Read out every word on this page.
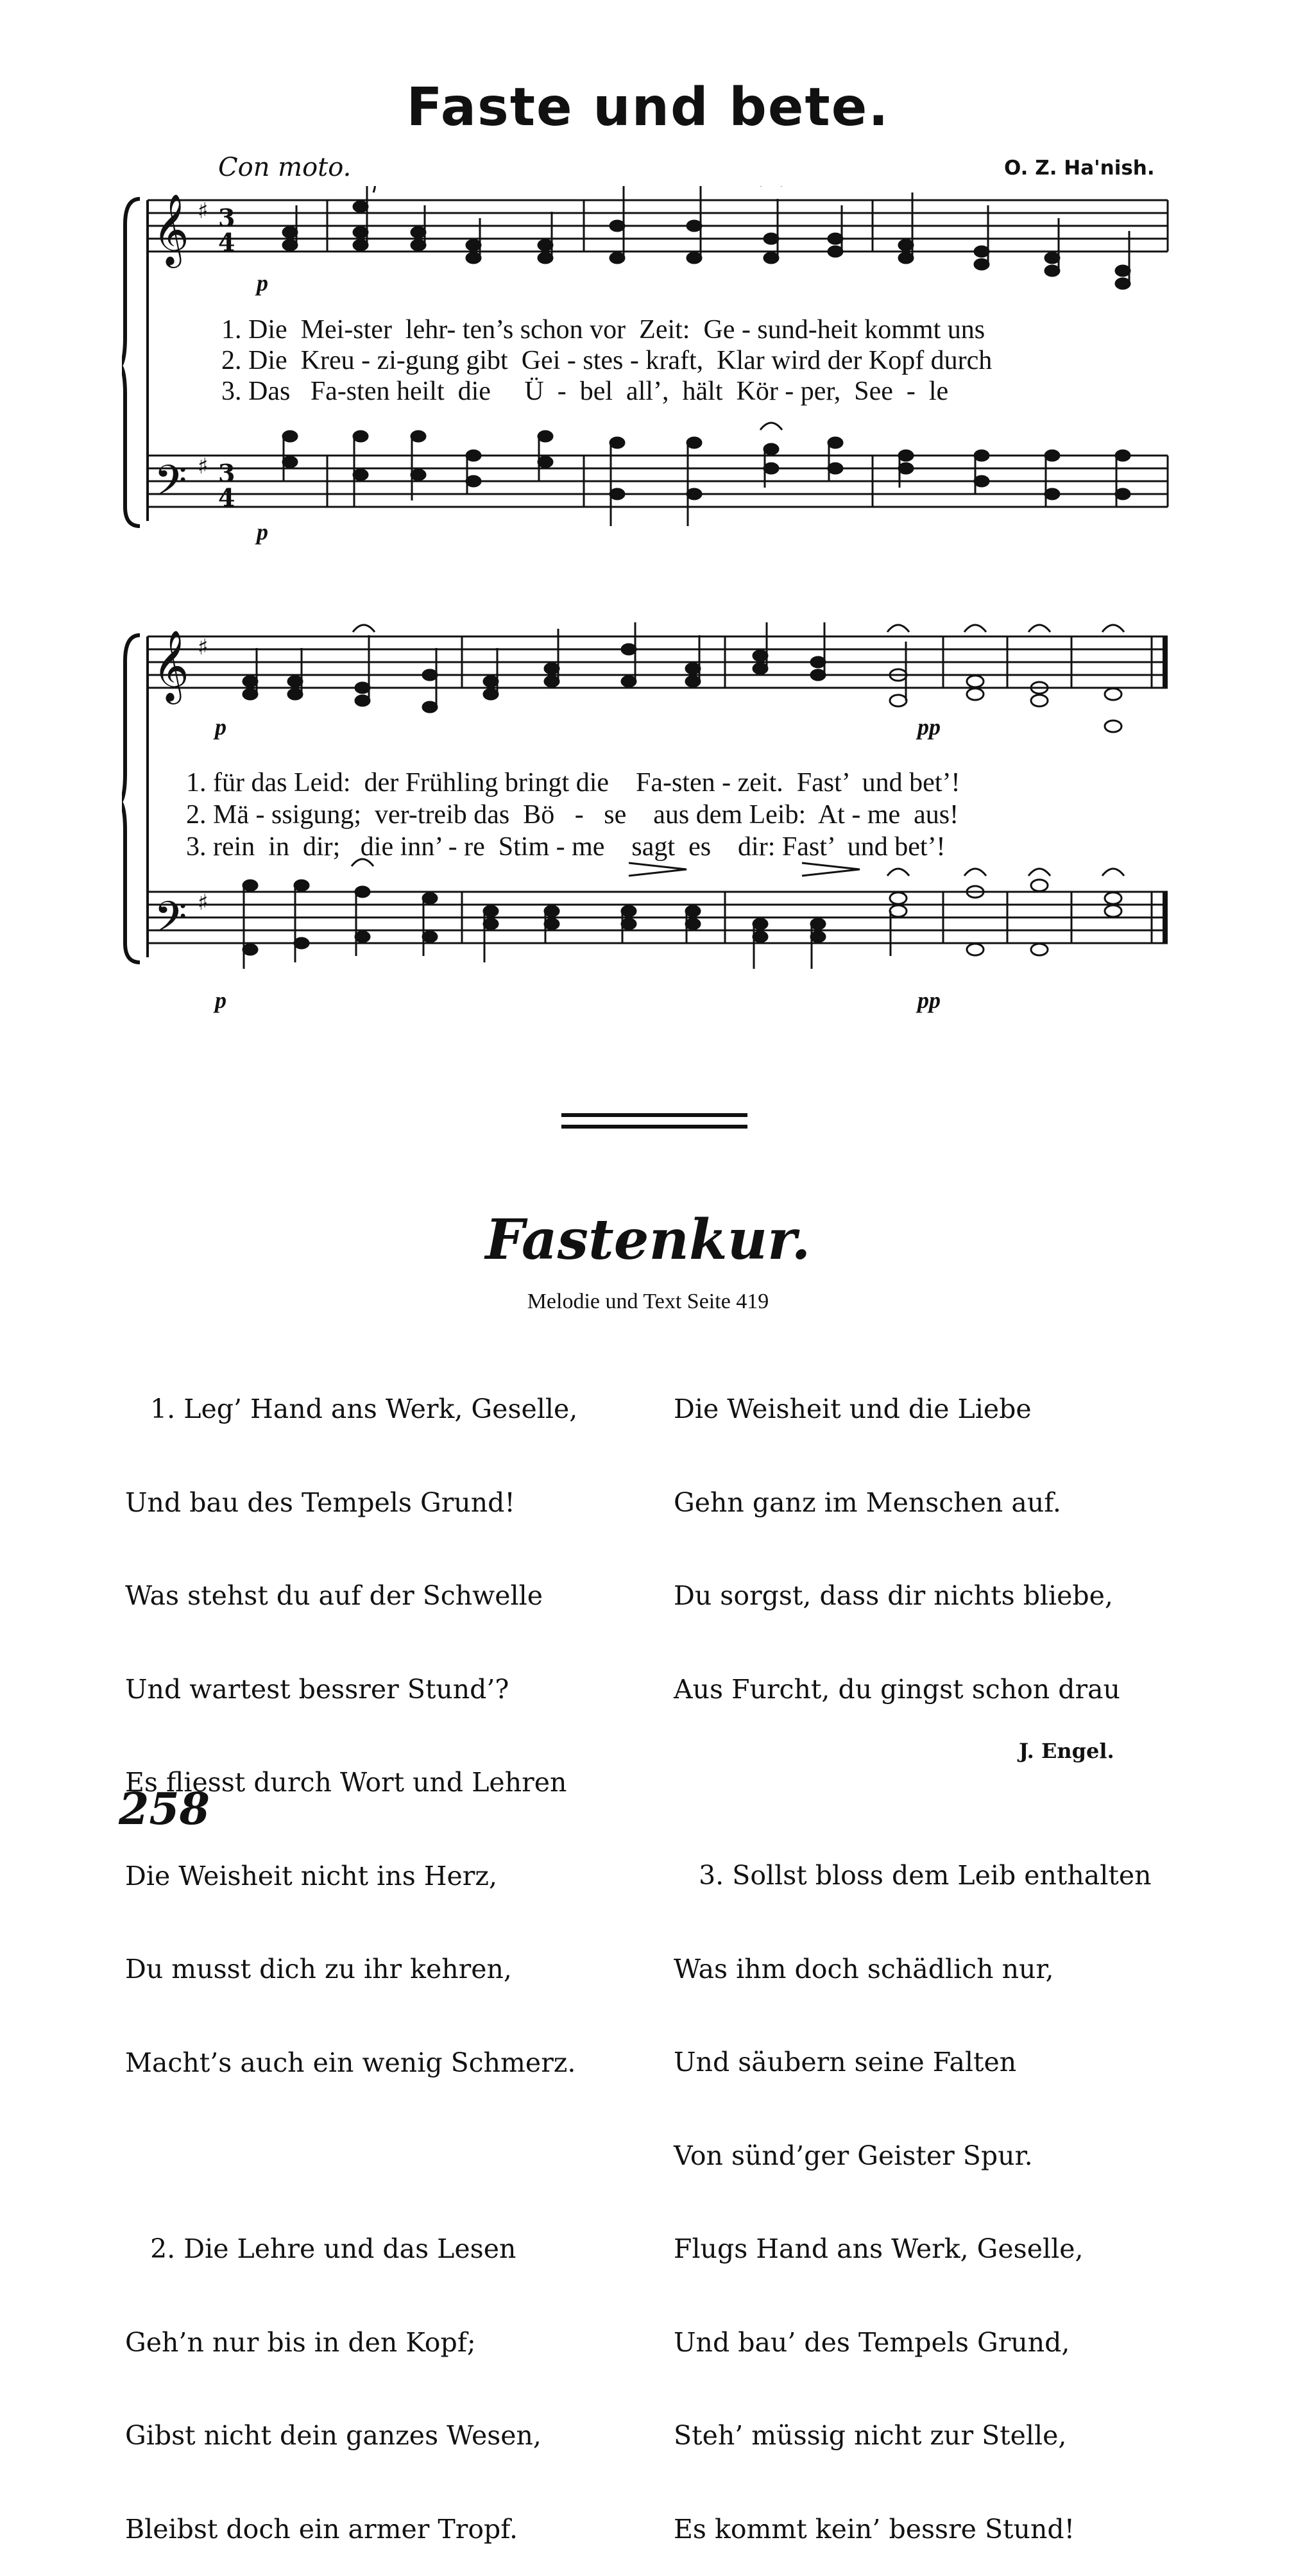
Faste und bete.
Con moto.	O. Z. Ha'nish.
𝄞 ♯ 3
4
𝄢 ♯ 3
4
p
p
1. Die  Mei-ster  lehr- ten’s schon vor  Zeit:  Ge - sund-heit kommt uns
2. Die  Kreu - zi-gung gibt  Gei - stes - kraft,  Klar wird der Kopf durch
3. Das   Fa-sten heilt  die     Ü  -  bel  all’,  hält  Kör - per,  See  -  le
𝄞 ♯
𝄢 ♯
p	pp
p	pp
1. für das Leid:  der Frühling bringt die    Fa-sten - zeit.  Fast’  und bet’!
2. Mä - ssigung;  ver-treib das  Bö   -   se    aus dem Leib:  At - me  aus!
3. rein  in  dir;   die inn’ - re  Stim - me    sagt  es    dir: Fast’  und bet’!
Fastenkur.
Melodie und Text Seite 419

1. Leg’ Hand ans Werk, Geselle,

Und bau des Tempels Grund!

Was stehst du auf der Schwelle

Und wartest bessrer Stund’?

Es fliesst durch Wort und Lehren

Die Weisheit nicht ins Herz,

Du musst dich zu ihr kehren,

Macht’s auch ein wenig Schmerz.

2. Die Lehre und das Lesen

Geh’n nur bis in den Kopf;

Gibst nicht dein ganzes Wesen,

Bleibst doch ein armer Tropf.

Die Weisheit und die Liebe

Gehn ganz im Menschen auf.

Du sorgst, dass dir nichts bliebe,

Aus Furcht, du gingst schon drau

3. Sollst bloss dem Leib enthalten

Was ihm doch schädlich nur,

Und säubern seine Falten

Von sünd’ger Geister Spur.

Flugs Hand ans Werk, Geselle,

Und bau’ des Tempels Grund,

Steh’ müssig nicht zur Stelle,

Es kommt kein’ bessre Stund!

J. Engel.
258
